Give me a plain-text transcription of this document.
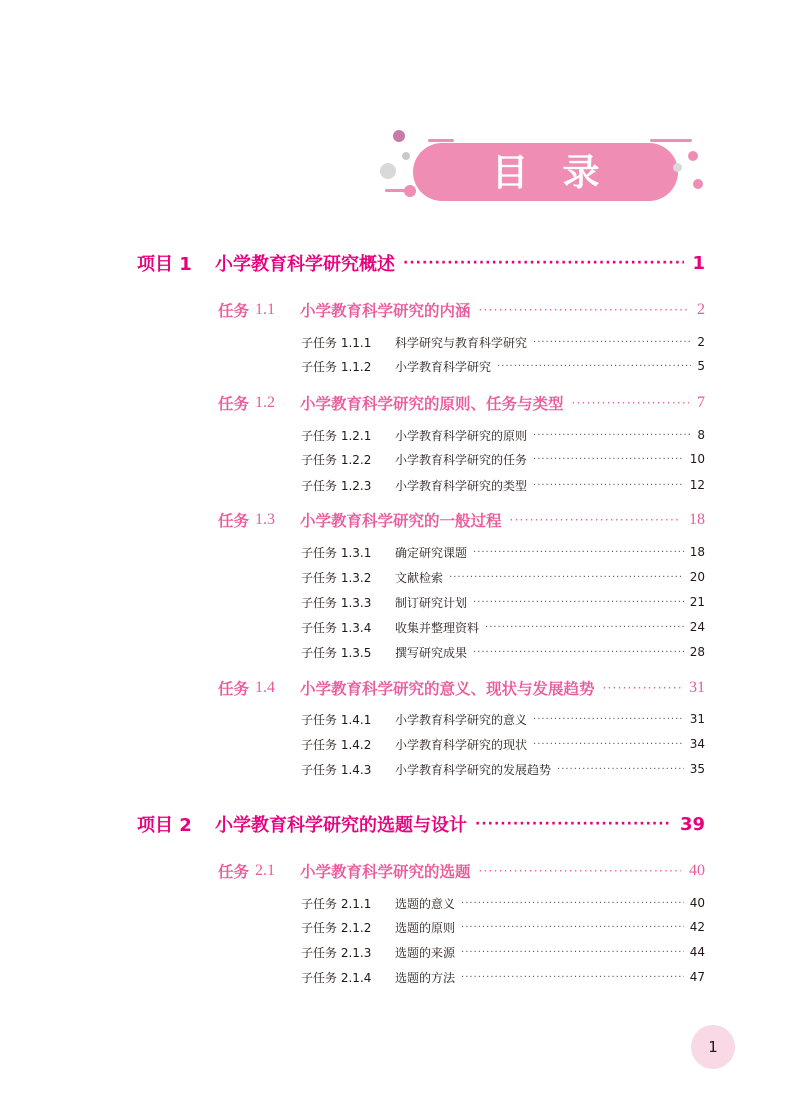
目录
项目 1	小学教育科学研究概述 ·····	1
任务 1.1	小学教育科学研究的内涵 ·····	2
子任务 1.1.1	科学研究与教育科学研究 ·····	2
子任务 1.1.2	小学教育科学研究 ·····	5
任务 1.2	小学教育科学研究的原则、任务与类型 ·····	7
子任务 1.2.1	小学教育科学研究的原则 ·····	8
子任务 1.2.2	小学教育科学研究的任务 ·····	10
子任务 1.2.3	小学教育科学研究的类型 ·····	12
任务 1.3	小学教育科学研究的一般过程 ·····	18
子任务 1.3.1	确定研究课题 ·····	18
子任务 1.3.2	文献检索 ·····	20
子任务 1.3.3	制订研究计划 ·····	21
子任务 1.3.4	收集并整理资料 ·····	24
子任务 1.3.5	撰写研究成果 ·····	28
任务 1.4	小学教育科学研究的意义、现状与发展趋势 ·····	31
子任务 1.4.1	小学教育科学研究的意义 ·····	31
子任务 1.4.2	小学教育科学研究的现状 ·····	34
子任务 1.4.3	小学教育科学研究的发展趋势 ·····	35
项目 2	小学教育科学研究的选题与设计 ·····	39
任务 2.1	小学教育科学研究的选题 ·····	40
子任务 2.1.1	选题的意义 ·····	40
子任务 2.1.2	选题的原则 ·····	42
子任务 2.1.3	选题的来源 ·····	44
子任务 2.1.4	选题的方法 ·····	47
1
